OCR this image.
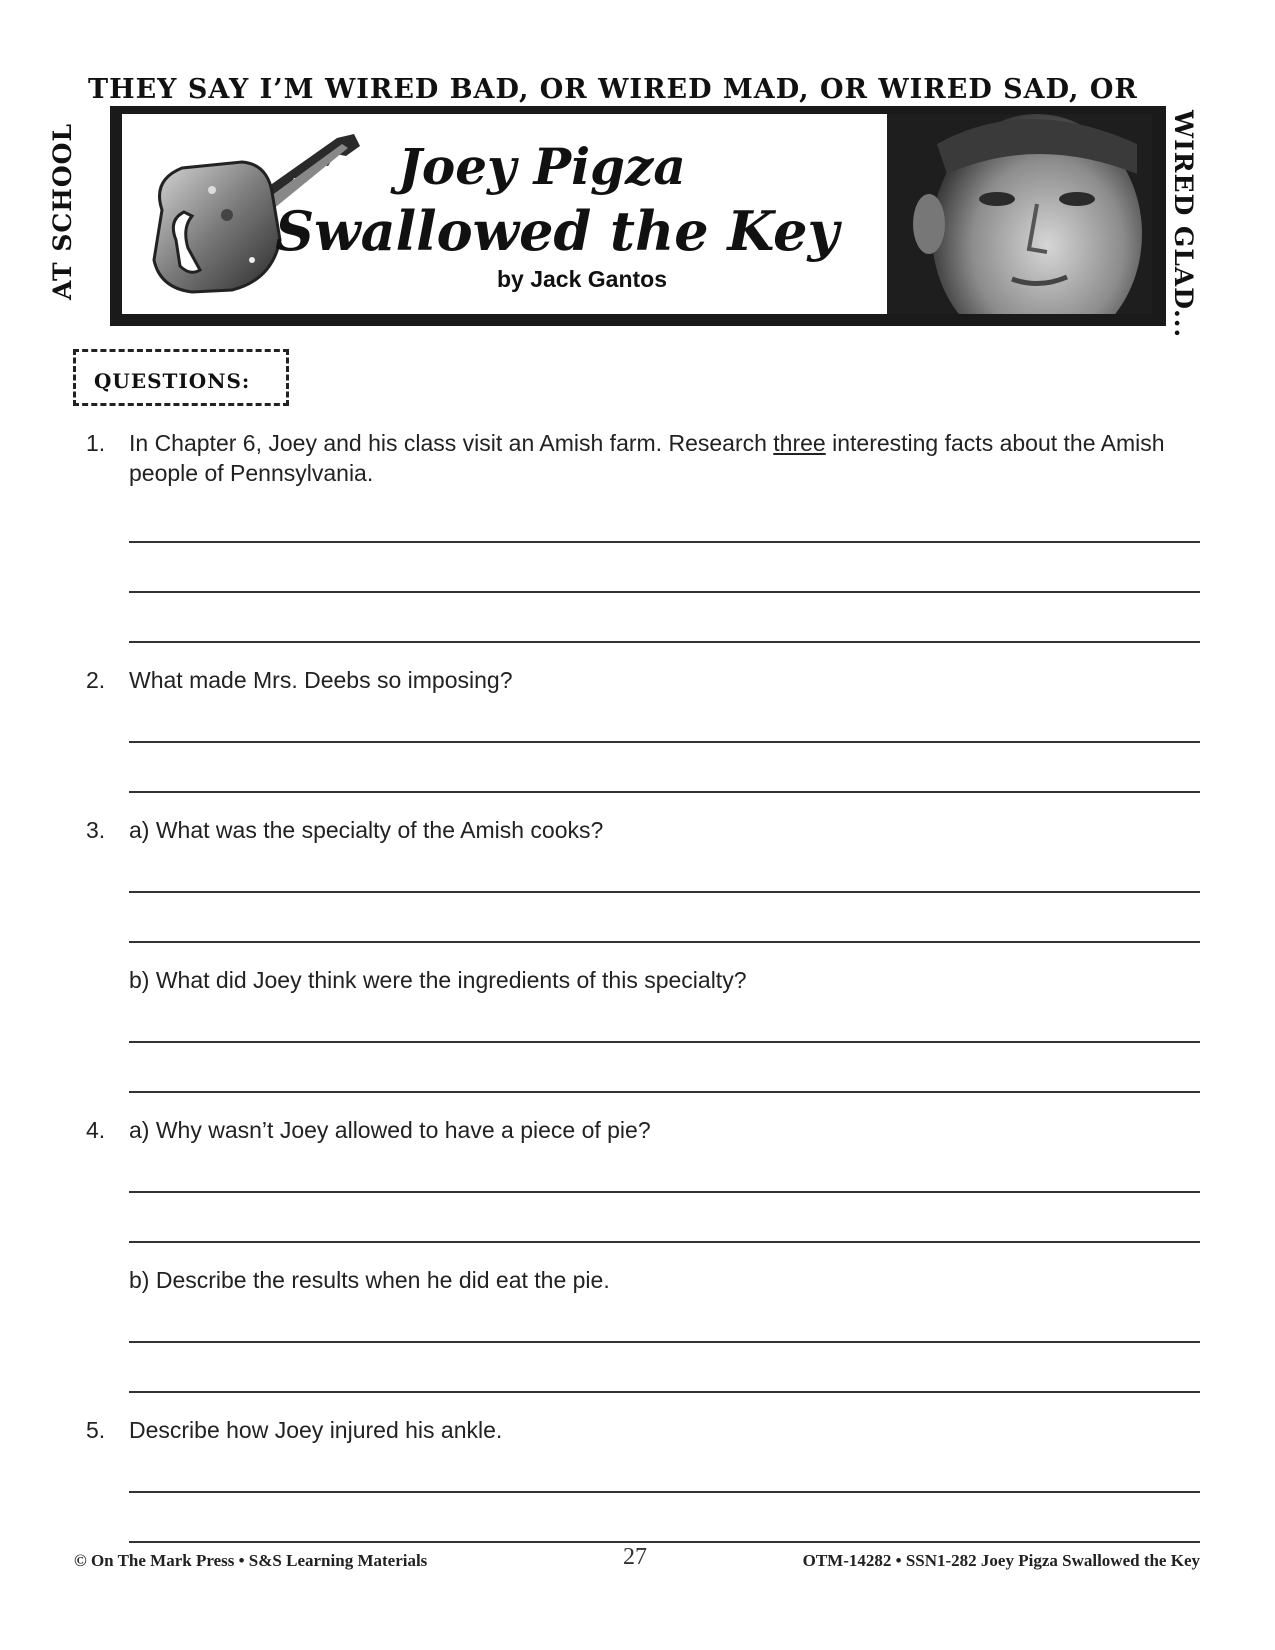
THEY SAY I’M WIRED BAD, OR WIRED MAD, OR WIRED SAD, OR
AT SCHOOL	WIRED GLAD...
Joey Pigza
Swallowed the Key
by Jack Gantos
QUESTIONS:
1. In Chapter 6, Joey and his class visit an Amish farm. Research three interesting facts about the Amish people of Pennsylvania.
2. What made Mrs. Deebs so imposing?
3. a) What was the specialty of the Amish cooks?
b) What did Joey think were the ingredients of this specialty?
4. a) Why wasn’t Joey allowed to have a piece of pie?
b) Describe the results when he did eat the pie.
5. Describe how Joey injured his ankle.
© On The Mark Press • S&S Learning Materials	27	OTM-14282 • SSN1-282 Joey Pigza Swallowed the Key
